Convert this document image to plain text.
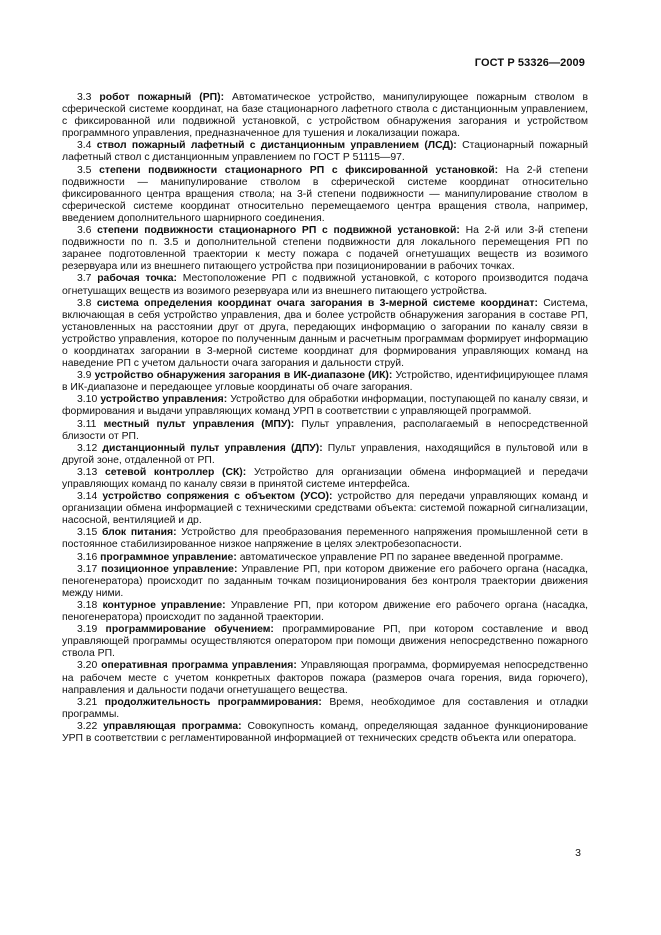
ГОСТ Р 53326—2009

3.3 робот пожарный (РП): Автоматическое устройство, манипулирующее пожарным стволом в сферической системе координат, на базе стационарного лафетного ствола с дистанционным управлением, с фиксированной или подвижной установкой, с устройством обнаружения загорания и устройством программного управления, предназначенное для тушения и локализации пожара.

3.4 ствол пожарный лафетный с дистанционным управлением (ЛСД): Стационарный пожарный лафетный ствол с дистанционным управлением по ГОСТ Р 51115—97.

3.5 степени подвижности стационарного РП с фиксированной установкой: На 2-й степени подвижности — манипулирование стволом в сферической системе координат относительно фиксированного центра вращения ствола; на 3-й степени подвижности — манипулирование стволом в сферической системе координат относительно перемещаемого центра вращения ствола, например, введением дополнительного шарнирного соединения.

3.6 степени подвижности стационарного РП с подвижной установкой: На 2-й или 3-й степени подвижности по п. 3.5 и дополнительной степени подвижности для локального перемещения РП по заранее подготовленной траектории к месту пожара с подачей огнетушащих веществ из возимого резервуара или из внешнего питающего устройства при позиционировании в рабочих точках.

3.7 рабочая точка: Местоположение РП с подвижной установкой, с которого производится подача огнетушащих веществ из возимого резервуара или из внешнего питающего устройства.

3.8 система определения координат очага загорания в 3-мерной системе координат: Система, включающая в себя устройство управления, два и более устройств обнаружения загорания в составе РП, установленных на расстоянии друг от друга, передающих информацию о загорании по каналу связи в устройство управления, которое по полученным данным и расчетным программам формирует информацию о координатах загорании в 3-мерной системе координат для формирования управляющих команд на наведение РП с учетом дальности очага загорания и дальности струй.

3.9 устройство обнаружения загорания в ИК-диапазоне (ИК): Устройство, идентифицирующее пламя в ИК-диапазоне и передающее угловые координаты об очаге загорания.

3.10 устройство управления: Устройство для обработки информации, поступающей по каналу связи, и формирования и выдачи управляющих команд УРП в соответствии с управляющей программой.

3.11 местный пульт управления (МПУ): Пульт управления, располагаемый в непосредственной близости от РП.

3.12 дистанционный пульт управления (ДПУ): Пульт управления, находящийся в пультовой или в другой зоне, отдаленной от РП.

3.13 сетевой контроллер (СК): Устройство для организации обмена информацией и передачи управляющих команд по каналу связи в принятой системе интерфейса.

3.14 устройство сопряжения с объектом (УСО): устройство для передачи управляющих команд и организации обмена информацией с техническими средствами объекта: системой пожарной сигнализации, насосной, вентиляцией и др.

3.15 блок питания: Устройство для преобразования переменного напряжения промышленной сети в постоянное стабилизированное низкое напряжение в целях электробезопасности.

3.16 программное управление: автоматическое управление РП по заранее введенной программе.

3.17 позиционное управление: Управление РП, при котором движение его рабочего органа (насадка, пеногенератора) происходит по заданным точкам позиционирования без контроля траектории движения между ними.

3.18 контурное управление: Управление РП, при котором движение его рабочего органа (насадка, пеногенератора) происходит по заданной траектории.

3.19 программирование обучением: программирование РП, при котором составление и ввод управляющей программы осуществляются оператором при помощи движения непосредственно пожарного ствола РП.

3.20 оперативная программа управления: Управляющая программа, формируемая непосредственно на рабочем месте с учетом конкретных факторов пожара (размеров очага горения, вида горючего), направления и дальности подачи огнетушащего вещества.

3.21 продолжительность программирования: Время, необходимое для составления и отладки программы.

3.22 управляющая программа: Совокупность команд, определяющая заданное функционирование УРП в соответствии с регламентированной информацией от технических средств объекта или оператора.

3
